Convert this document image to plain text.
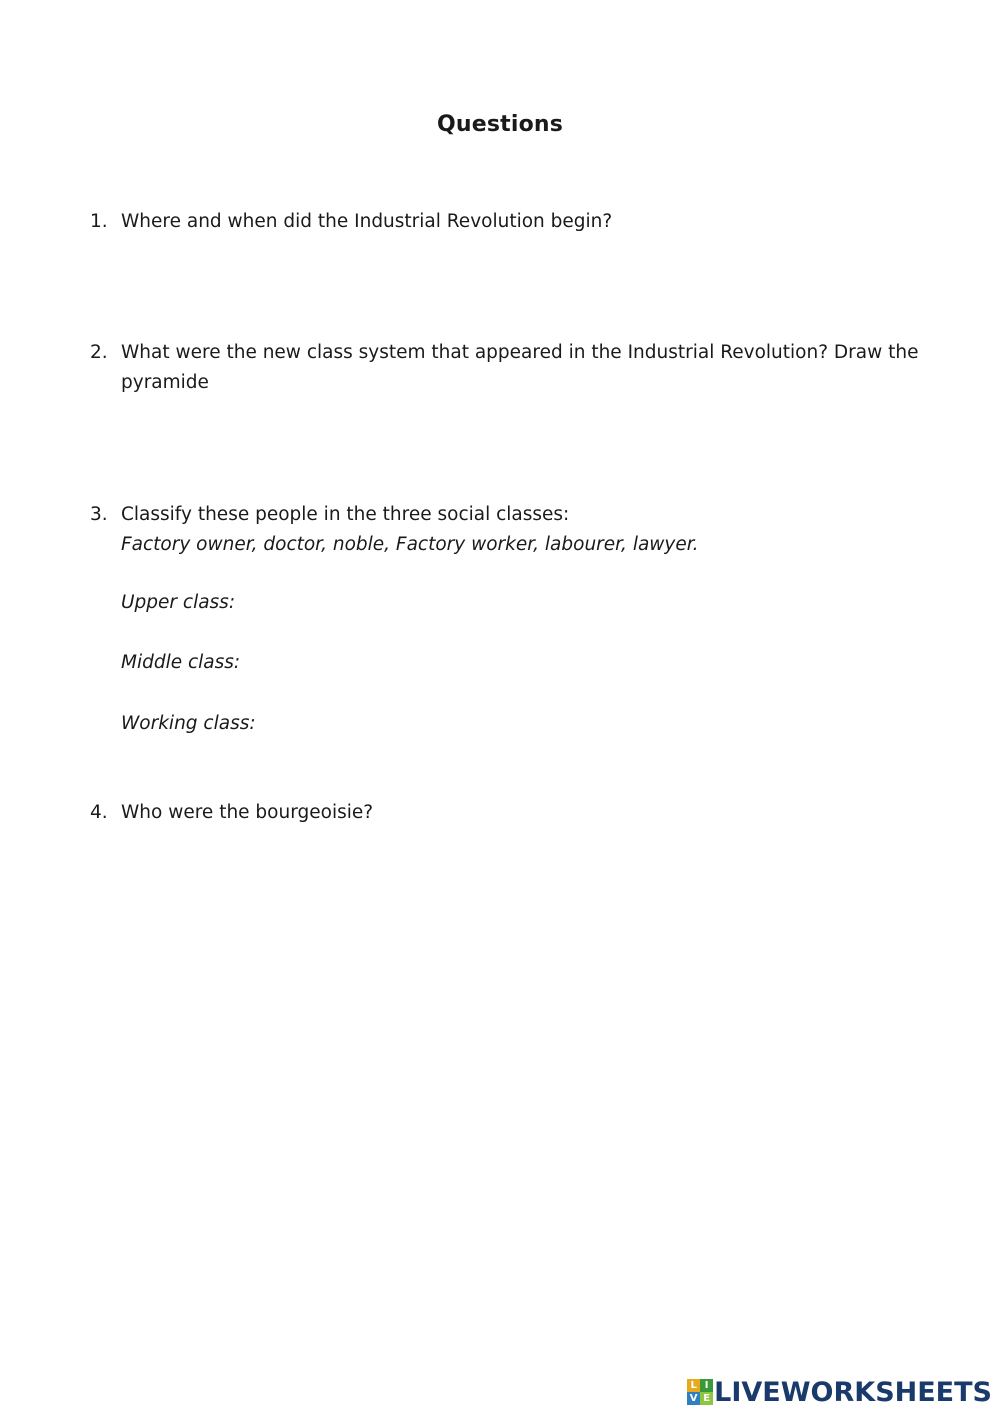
Questions
1. Where and when did the Industrial Revolution begin?
2. What were the new class system that appeared in the Industrial Revolution? Draw the pyramide
3. Classify these people in the three social classes:
Factory owner, doctor, noble, Factory worker, labourer, lawyer.
Upper class:
Middle class:
Working class:
4. Who were the bourgeoisie?
L I
V E LIVEWORKSHEETS
